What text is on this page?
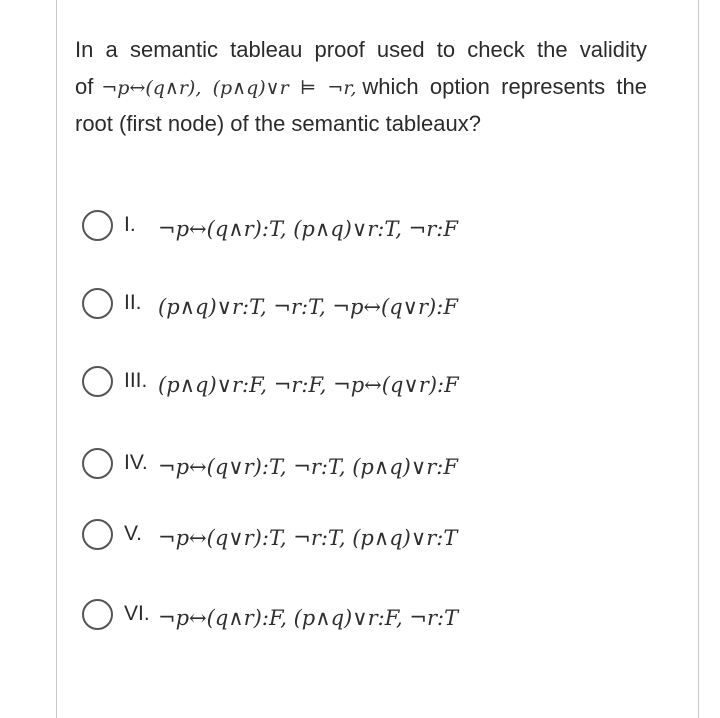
In a semantic tableau proof used to check the validity of ¬p↔(q∧r), (p∧q)∨r ⊨ ¬r, which option represents the root (first node) of the semantic tableaux?
I.	¬p↔(q∧r):T, (p∧q)∨r:T, ¬r:F
II. (p∧q)∨r:T, ¬r:T, ¬p↔(q∨r):F
III. (p∧q)∨r:F, ¬r:F, ¬p↔(q∨r):F
IV. ¬p↔(q∨r):T, ¬r:T, (p∧q)∨r:F
V. ¬p↔(q∨r):T, ¬r:T, (p∧q)∨r:T
VI. ¬p↔(q∧r):F, (p∧q)∨r:F, ¬r:T
